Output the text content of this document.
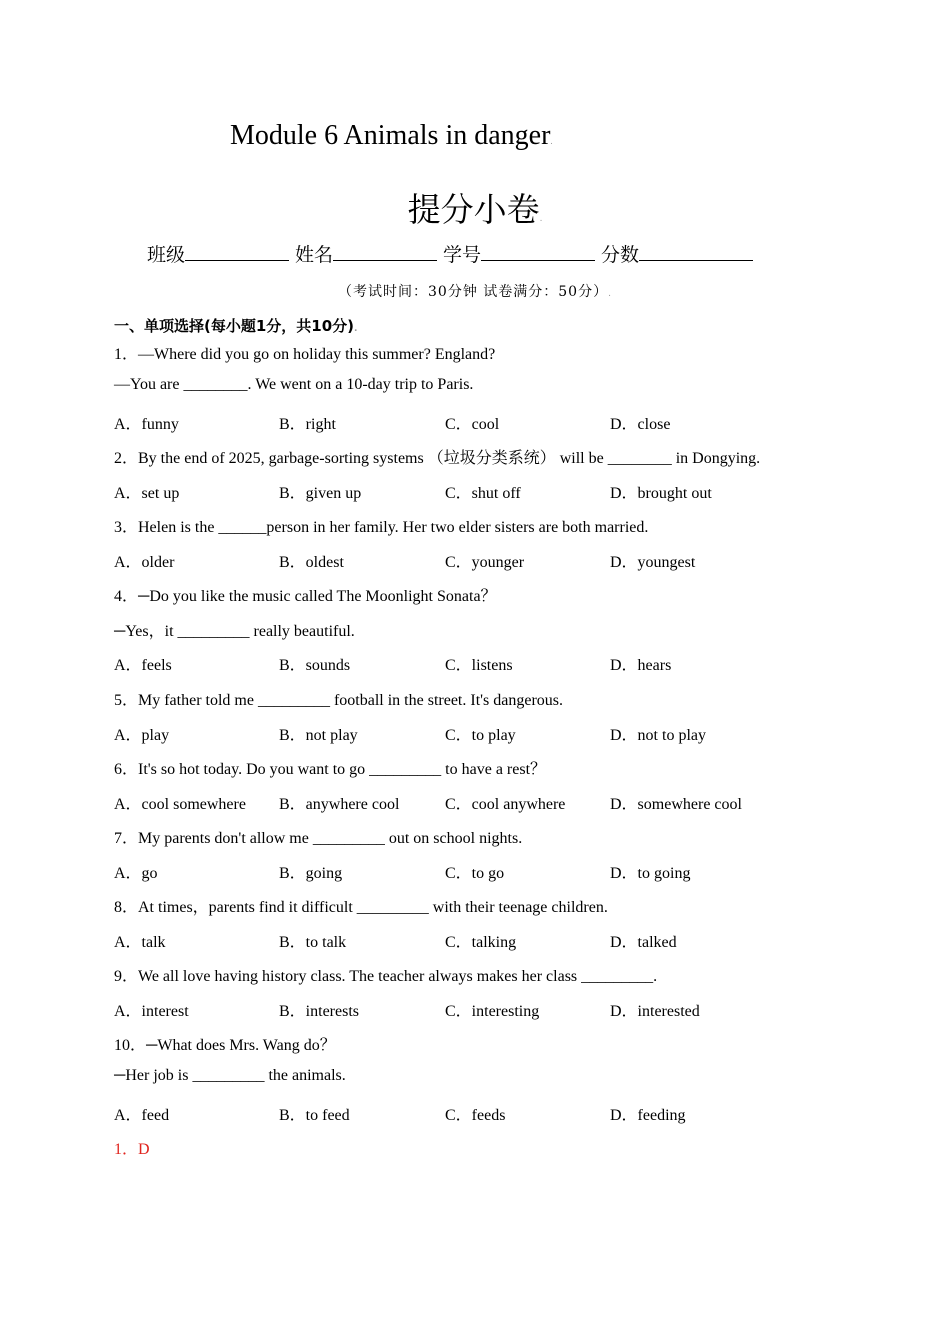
Module 6 Animals in danger.
提分小卷.
班级	姓名	学号	分数
（考试时间：30分钟 试卷满分：50分）.
一、单项选择(每小题1分，共10分).
1．—Where did you go on holiday this summer? England?
—You are ________. We went on a 10-day trip to Paris.
A．funny	B．right	C．cool	D．close
2．By the end of 2025, garbage-sorting systems （垃圾分类系统） will be ________ in Dongying.
A．set up	B．given up	C．shut off	D．brought out
3．Helen is the ______person in her family. Her two elder sisters are both married.
A．older	B．oldest	C．younger	D．youngest
4．─Do you like the music called The Moonlight Sonata？
─Yes，it _________ really beautiful.
A．feels	B．sounds	C．listens	D．hears
5．My father told me _________ football in the street. It's dangerous.
A．play	B．not play	C．to play	D．not to play
6．It's so hot today. Do you want to go _________ to have a rest？
A．cool somewhere B．anywhere cool	C．cool anywhere	D．somewhere cool
7．My parents don't allow me _________ out on school nights.
A．go	B．going	C．to go	D．to going
8．At times，parents find it difficult _________ with their teenage children.
A．talk	B．to talk	C．talking	D．talked
9．We all love having history class. The teacher always makes her class _________.
A．interest	B．interests	C．interesting	D．interested
10．─What does Mrs. Wang do？
─Her job is _________ the animals.
A．feed	B．to feed	C．feeds	D．feeding
1．D
